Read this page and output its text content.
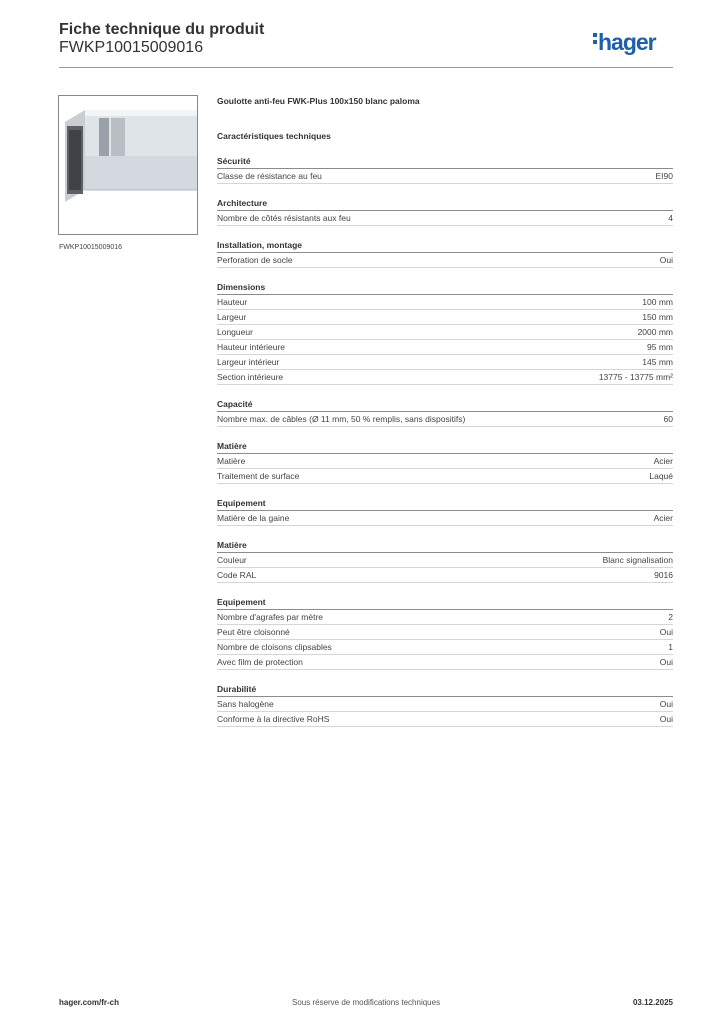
Fiche technique du produit
FWKP10015009016	hager
FWKP10015009016
Goulotte anti-feu FWK-Plus 100x150 blanc paloma
Caractéristiques techniques
Sécurité
Classe de résistance au feu	EI90
Architecture
Nombre de côtés résistants aux feu	4
Installation, montage
Perforation de socle	Oui
Dimensions
Hauteur	100 mm
Largeur	150 mm
Longueur	2000 mm
Hauteur intérieure	95 mm
Largeur intérieur	145 mm
Section intérieure	13775 - 13775 mm²
Capacité
Nombre max. de câbles (Ø 11 mm, 50 % remplis, sans dispositifs)	60
Matière
Matière	Acier
Traitement de surface	Laqué
Equipement
Matière de la gaine	Acier
Matière
Couleur	Blanc signalisation
Code RAL	9016
Equipement
Nombre d'agrafes par mètre	2
Peut être cloisonné	Oui
Nombre de cloisons clipsables	1
Avec film de protection	Oui
Durabilité
Sans halogène	Oui
Conforme à la directive RoHS	Oui
hager.com/fr-ch	Sous réserve de modifications techniques	03.12.2025
